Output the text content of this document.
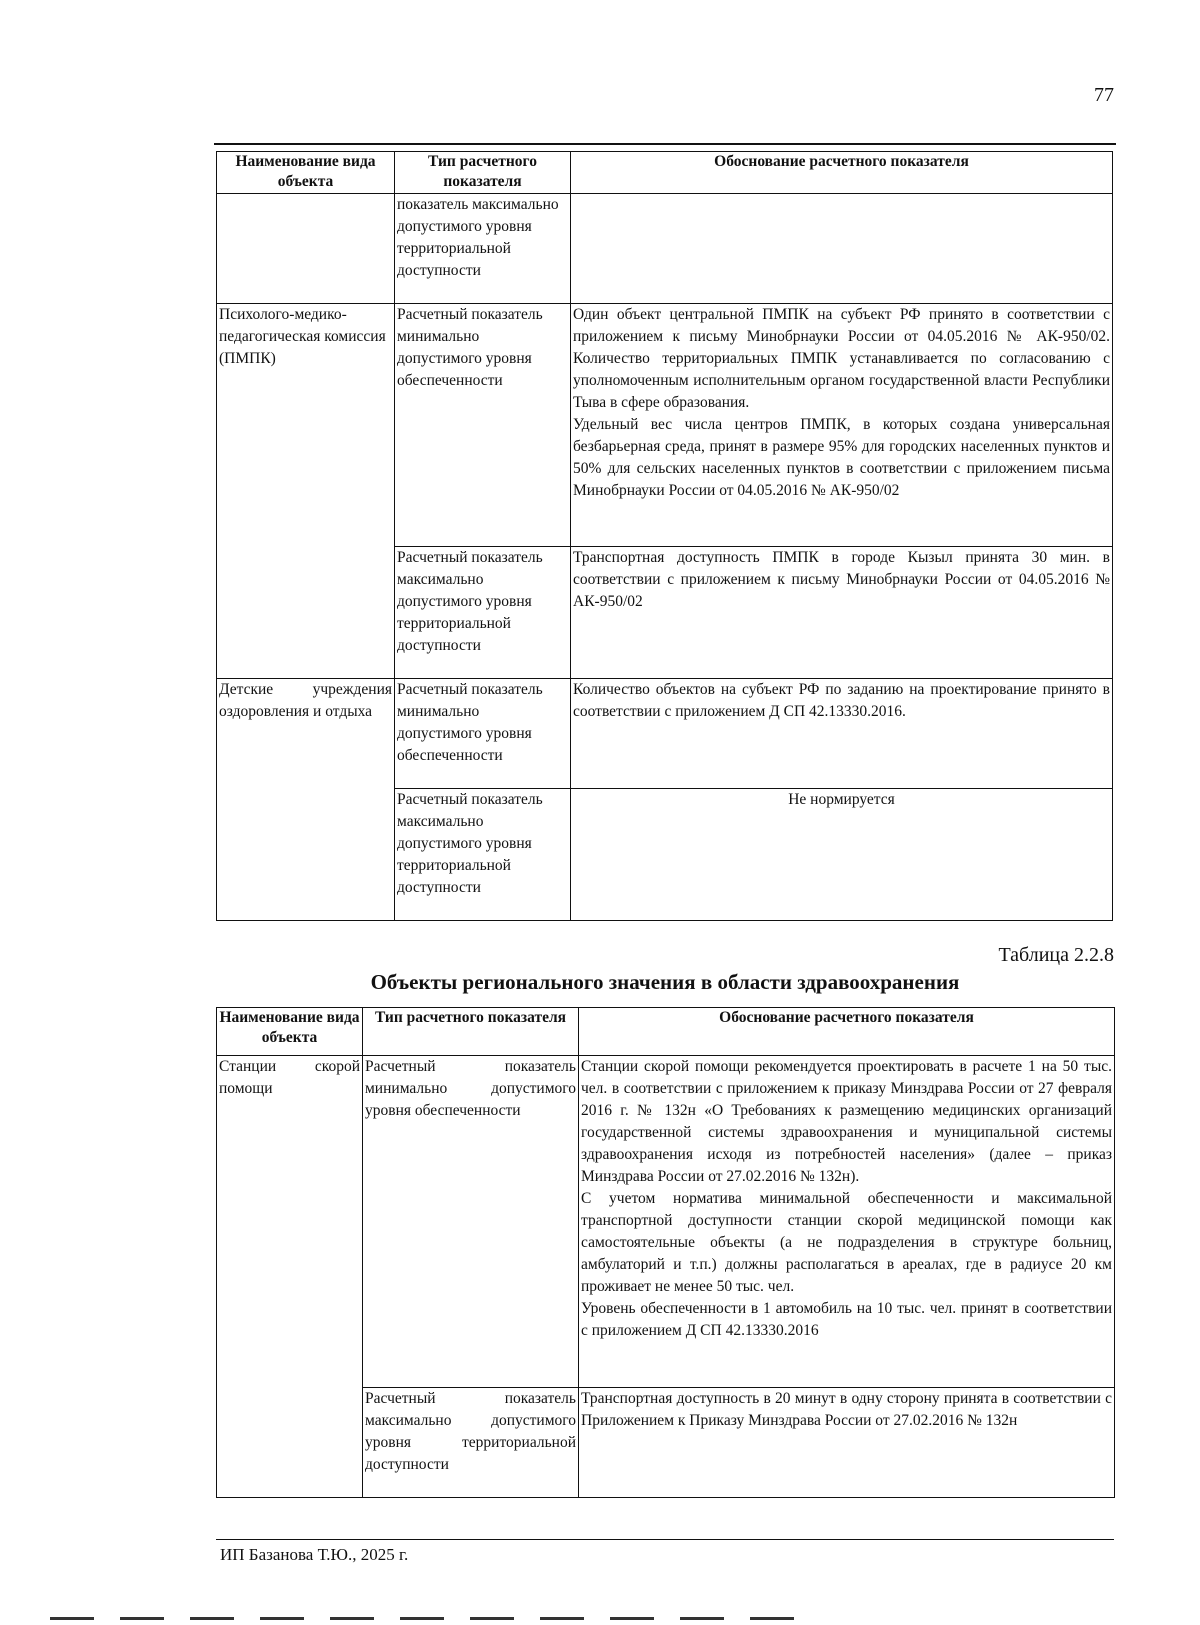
77
Наименование вида объекта	Тип расчетного показателя	Обоснование расчетного показателя
	показатель максимально допустимого уровня территориальной доступности	
Психолого-медико-педагогическая комиссия (ПМПК)	Расчетный показатель минимально допустимого уровня обеспеченности	Один объект центральной ПМПК на субъект РФ принято в соответствии с приложением к письму Минобрнауки России от 04.05.2016 № АК-950/02. Количество территориальных ПМПК устанавливается по согласованию с уполномоченным исполнительным органом государственной власти Республики Тыва в сфере образования.
Удельный вес числа центров ПМПК, в которых создана универсальная безбарьерная среда, принят в размере 95% для городских населенных пунктов и 50% для сельских населенных пунктов в соответствии с приложением письма Минобрнауки России от 04.05.2016 № АК-950/02
	Расчетный показатель максимально допустимого уровня территориальной доступности	Транспортная доступность ПМПК в городе Кызыл принята 30 мин. в соответствии с приложением к письму Минобрнауки России от 04.05.2016 № АК-950/02
Детские учреждения оздоровления и отдыха	Расчетный показатель минимально допустимого уровня обеспеченности	Количество объектов на субъект РФ по заданию на проектирование принято в соответствии с приложением Д СП 42.13330.2016.
	Расчетный показатель максимально допустимого уровня территориальной доступности	Не нормируется
Таблица 2.2.8
Объекты регионального значения в области здравоохранения
Наименование вида объекта	Тип расчетного показателя	Обоснование расчетного показателя
Станции скорой помощи	Расчетный показатель минимально допустимого уровня обеспеченности	Станции скорой помощи рекомендуется проектировать в расчете 1 на 50 тыс. чел. в соответствии с приложением к приказу Минздрава России от 27 февраля 2016 г. № 132н «О Требованиях к размещению медицинских организаций государственной системы здравоохранения и муниципальной системы здравоохранения исходя из потребностей населения» (далее – приказ Минздрава России от 27.02.2016 № 132н).
С учетом норматива минимальной обеспеченности и максимальной транспортной доступности станции скорой медицинской помощи как самостоятельные объекты (а не подразделения в структуре больниц, амбулаторий и т.п.) должны располагаться в ареалах, где в радиусе 20 км проживает не менее 50 тыс. чел.
Уровень обеспеченности в 1 автомобиль на 10 тыс. чел. принят в соответствии с приложением Д СП 42.13330.2016
	Расчетный показатель максимально допустимого уровня территориальной доступности	Транспортная доступность в 20 минут в одну сторону принята в соответствии с Приложением к Приказу Минздрава России от 27.02.2016 № 132н
ИП Базанова Т.Ю., 2025 г.
